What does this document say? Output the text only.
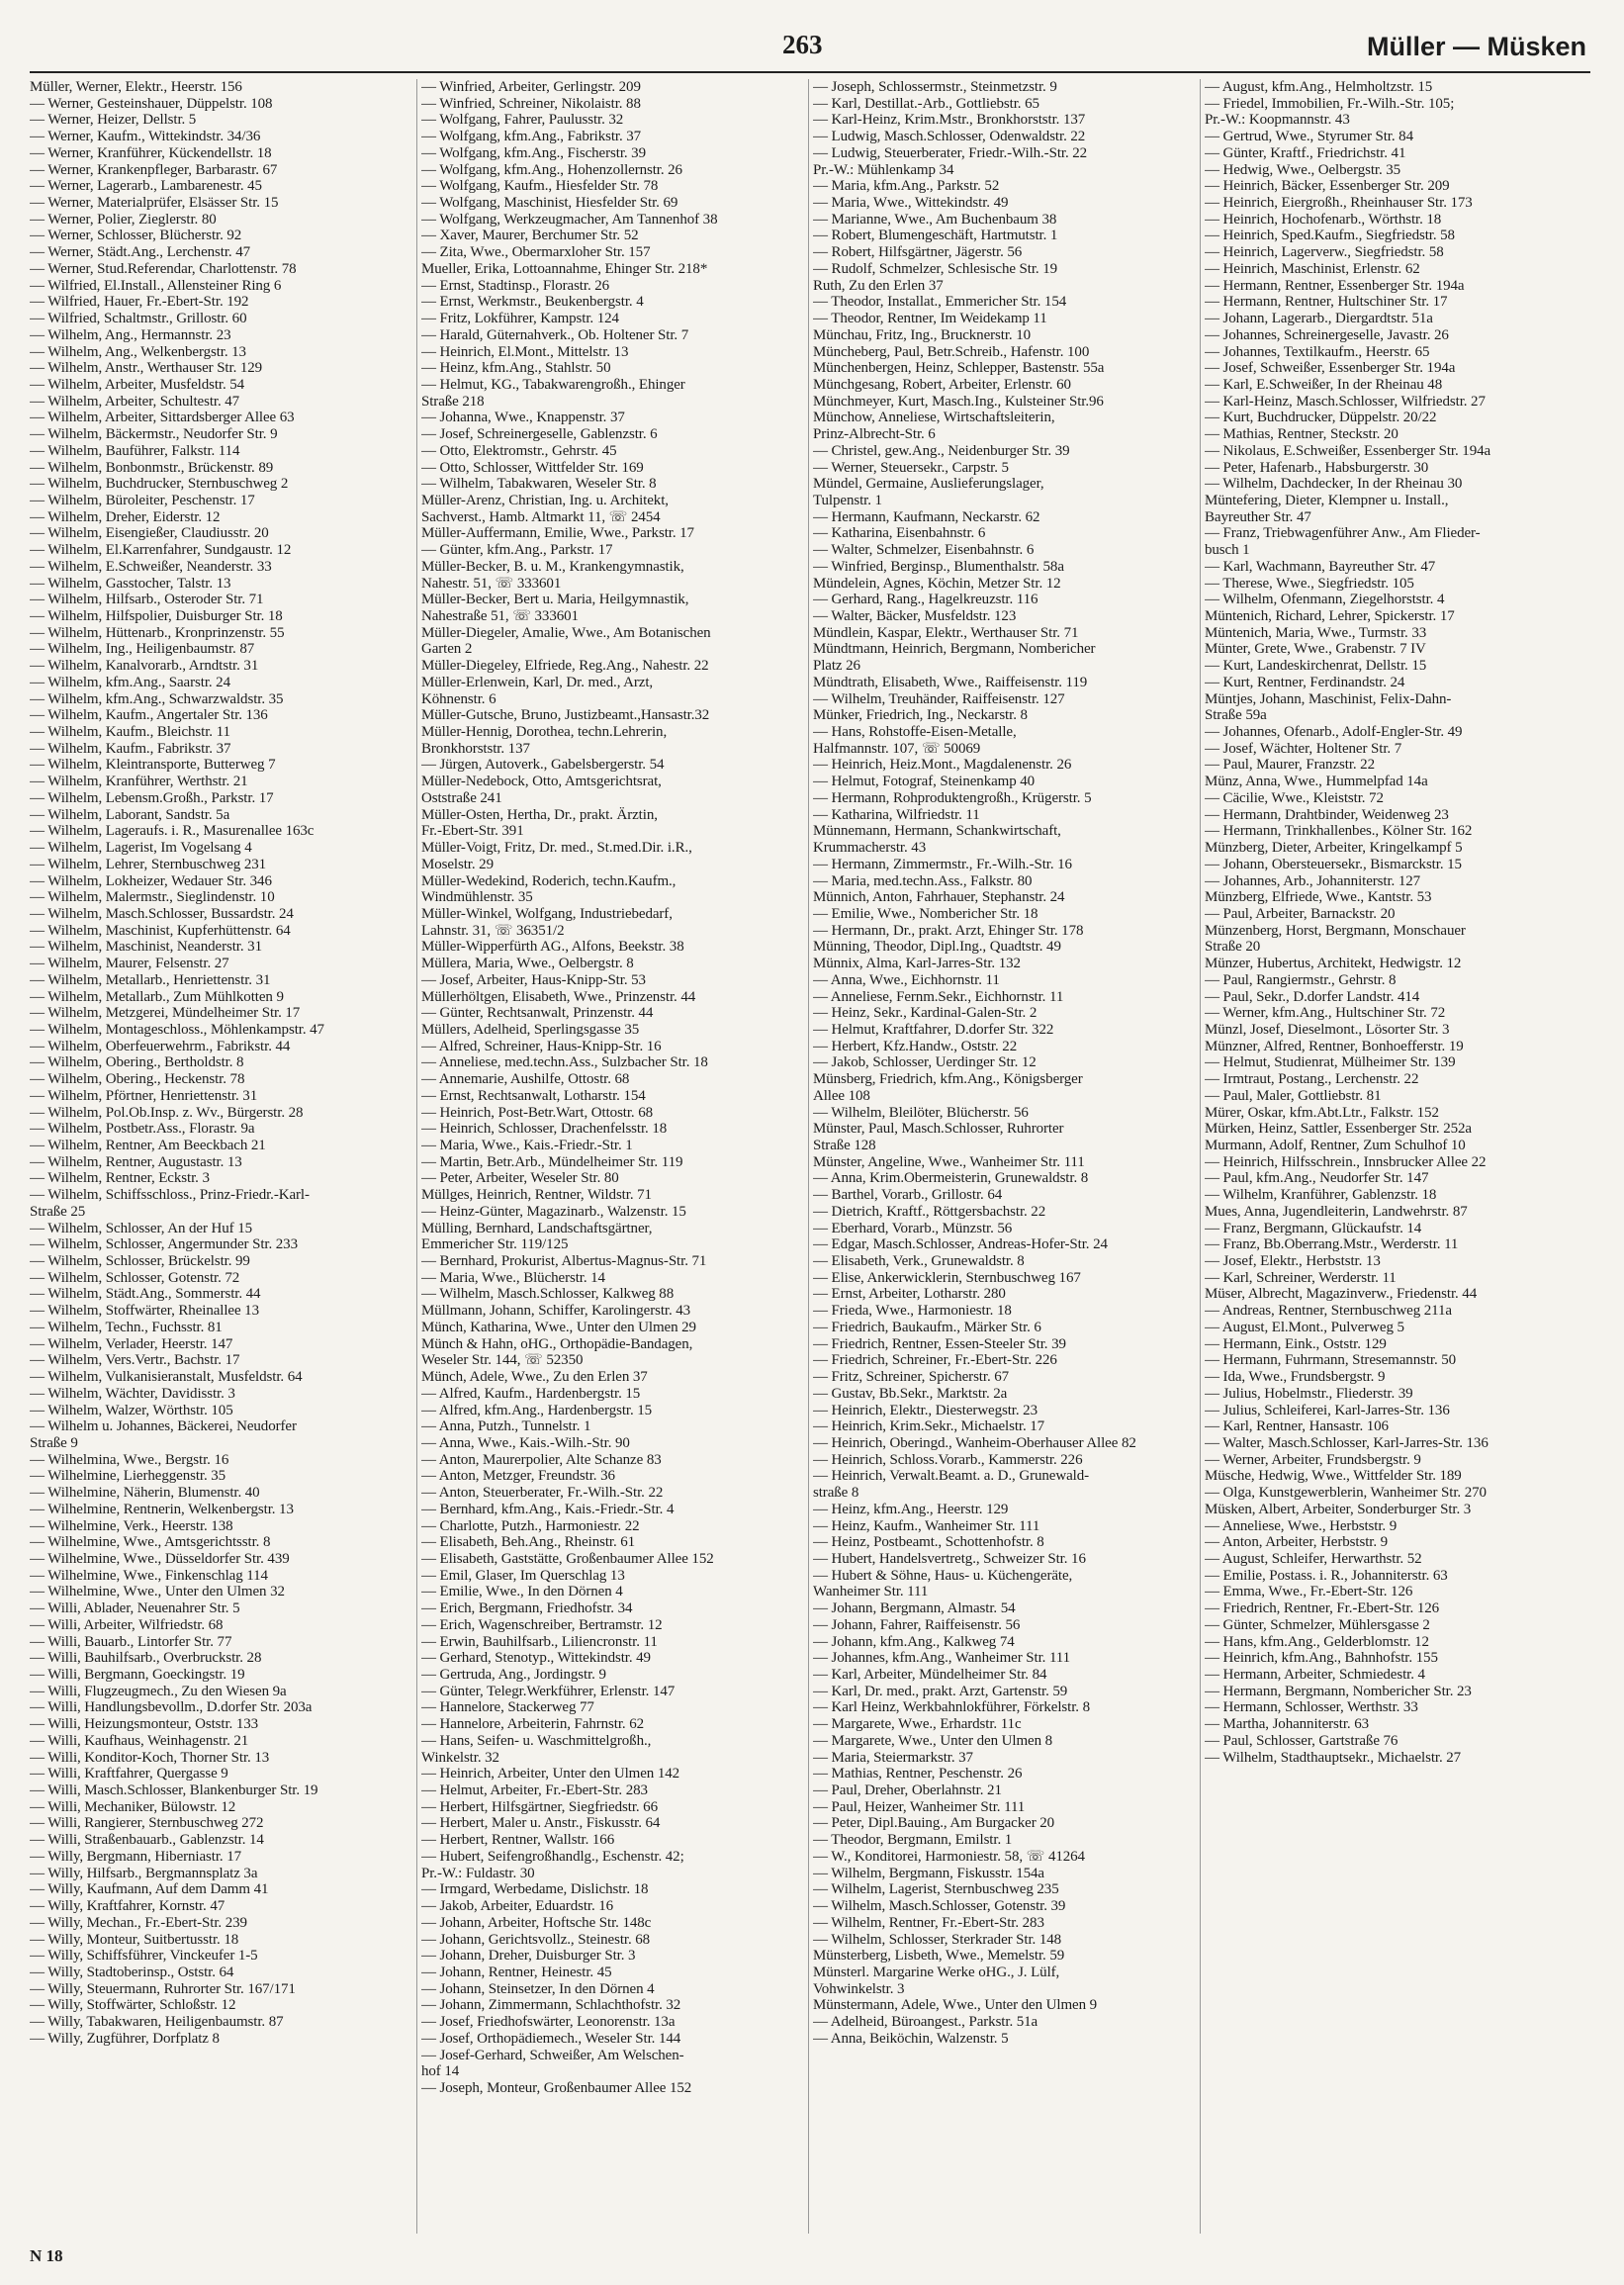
263	Müller — Müsken
Müller, Werner, Elektr., Heerstr. 156
— Werner, Gesteinshauer, Düppelstr. 108
— Werner, Heizer, Dellstr. 5
— Werner, Kaufm., Wittekindstr. 34/36
— Werner, Kranführer, Kückendellstr. 18
— Werner, Krankenpfleger, Barbarastr. 67
— Werner, Lagerarb., Lambarenestr. 45
— Werner, Materialprüfer, Elsässer Str. 15
— Werner, Polier, Zieglerstr. 80
— Werner, Schlosser, Blücherstr. 92
— Werner, Städt.Ang., Lerchenstr. 47
— Werner, Stud.Referendar, Charlottenstr. 78
— Wilfried, El.Install., Allensteiner Ring 6
— Wilfried, Hauer, Fr.-Ebert-Str. 192
— Wilfried, Schaltmstr., Grillostr. 60
— Wilhelm, Ang., Hermannstr. 23
— Wilhelm, Ang., Welkenbergstr. 13
— Wilhelm, Anstr., Werthauser Str. 129
— Wilhelm, Arbeiter, Musfeldstr. 54
— Wilhelm, Arbeiter, Schultestr. 47
— Wilhelm, Arbeiter, Sittardsberger Allee 63
— Wilhelm, Bäckermstr., Neudorfer Str. 9
— Wilhelm, Bauführer, Falkstr. 114
— Wilhelm, Bonbonmstr., Brückenstr. 89
— Wilhelm, Buchdrucker, Sternbuschweg 2
— Wilhelm, Büroleiter, Peschenstr. 17
— Wilhelm, Dreher, Eiderstr. 12
— Wilhelm, Eisengießer, Claudiusstr. 20
— Wilhelm, El.Karrenfahrer, Sundgaustr. 12
— Wilhelm, E.Schweißer, Neanderstr. 33
— Wilhelm, Gasstocher, Talstr. 13
— Wilhelm, Hilfsarb., Osteroder Str. 71
— Wilhelm, Hilfspolier, Duisburger Str. 18
— Wilhelm, Hüttenarb., Kronprinzenstr. 55
— Wilhelm, Ing., Heiligenbaumstr. 87
— Wilhelm, Kanalvorarb., Arndtstr. 31
— Wilhelm, kfm.Ang., Saarstr. 24
— Wilhelm, kfm.Ang., Schwarzwaldstr. 35
— Wilhelm, Kaufm., Angertaler Str. 136
— Wilhelm, Kaufm., Bleichstr. 11
— Wilhelm, Kaufm., Fabrikstr. 37
— Wilhelm, Kleintransporte, Butterweg 7
— Wilhelm, Kranführer, Werthstr. 21
— Wilhelm, Lebensm.Großh., Parkstr. 17
— Wilhelm, Laborant, Sandstr. 5a
— Wilhelm, Lageraufs. i. R., Masurenallee 163c
— Wilhelm, Lagerist, Im Vogelsang 4
— Wilhelm, Lehrer, Sternbuschweg 231
— Wilhelm, Lokheizer, Wedauer Str. 346
— Wilhelm, Malermstr., Sieglindenstr. 10
— Wilhelm, Masch.Schlosser, Bussardstr. 24
— Wilhelm, Maschinist, Kupferhüttenstr. 64
— Wilhelm, Maschinist, Neanderstr. 31
— Wilhelm, Maurer, Felsenstr. 27
— Wilhelm, Metallarb., Henriettenstr. 31
— Wilhelm, Metallarb., Zum Mühlkotten 9
— Wilhelm, Metzgerei, Mündelheimer Str. 17
— Wilhelm, Montageschloss., Möhlenkampstr. 47
— Wilhelm, Oberfeuerwehrm., Fabrikstr. 44
— Wilhelm, Obering., Bertholdstr. 8
— Wilhelm, Obering., Heckenstr. 78
— Wilhelm, Pförtner, Henriettenstr. 31
— Wilhelm, Pol.Ob.Insp. z. Wv., Bürgerstr. 28
— Wilhelm, Postbetr.Ass., Florastr. 9a
— Wilhelm, Rentner, Am Beeckbach 21
— Wilhelm, Rentner, Augustastr. 13
— Wilhelm, Rentner, Eckstr. 3
— Wilhelm, Schiffsschloss., Prinz-Friedr.-Karl-
Straße 25
— Wilhelm, Schlosser, An der Huf 15
— Wilhelm, Schlosser, Angermunder Str. 233
— Wilhelm, Schlosser, Brückelstr. 99
— Wilhelm, Schlosser, Gotenstr. 72
— Wilhelm, Städt.Ang., Sommerstr. 44
— Wilhelm, Stoffwärter, Rheinallee 13
— Wilhelm, Techn., Fuchsstr. 81
— Wilhelm, Verlader, Heerstr. 147
— Wilhelm, Vers.Vertr., Bachstr. 17
— Wilhelm, Vulkanisieranstalt, Musfeldstr. 64
— Wilhelm, Wächter, Davidisstr. 3
— Wilhelm, Walzer, Wörthstr. 105
— Wilhelm u. Johannes, Bäckerei, Neudorfer
Straße 9
— Wilhelmina, Wwe., Bergstr. 16
— Wilhelmine, Lierheggenstr. 35
— Wilhelmine, Näherin, Blumenstr. 40
— Wilhelmine, Rentnerin, Welkenbergstr. 13
— Wilhelmine, Verk., Heerstr. 138
— Wilhelmine, Wwe., Amtsgerichtsstr. 8
— Wilhelmine, Wwe., Düsseldorfer Str. 439
— Wilhelmine, Wwe., Finkenschlag 114
— Wilhelmine, Wwe., Unter den Ulmen 32
— Willi, Ablader, Neuenahrer Str. 5
— Willi, Arbeiter, Wilfriedstr. 68
— Willi, Bauarb., Lintorfer Str. 77
— Willi, Bauhilfsarb., Overbruckstr. 28
— Willi, Bergmann, Goeckingstr. 19
— Willi, Flugzeugmech., Zu den Wiesen 9a
— Willi, Handlungsbevollm., D.dorfer Str. 203a
— Willi, Heizungsmonteur, Oststr. 133
— Willi, Kaufhaus, Weinhagenstr. 21
— Willi, Konditor-Koch, Thorner Str. 13
— Willi, Kraftfahrer, Quergasse 9
— Willi, Masch.Schlosser, Blankenburger Str. 19
— Willi, Mechaniker, Bülowstr. 12
— Willi, Rangierer, Sternbuschweg 272
— Willi, Straßenbauarb., Gablenzstr. 14
— Willy, Bergmann, Hiberniastr. 17
— Willy, Hilfsarb., Bergmannsplatz 3a
— Willy, Kaufmann, Auf dem Damm 41
— Willy, Kraftfahrer, Kornstr. 47
— Willy, Mechan., Fr.-Ebert-Str. 239
— Willy, Monteur, Suitbertusstr. 18
— Willy, Schiffsführer, Vinckeufer 1-5
— Willy, Stadtoberinsp., Oststr. 64
— Willy, Steuermann, Ruhrorter Str. 167/171
— Willy, Stoffwärter, Schloßstr. 12
— Willy, Tabakwaren, Heiligenbaumstr. 87
— Willy, Zugführer, Dorfplatz 8
— Winfried, Arbeiter, Gerlingstr. 209
— Winfried, Schreiner, Nikolaistr. 88
— Wolfgang, Fahrer, Paulusstr. 32
— Wolfgang, kfm.Ang., Fabrikstr. 37
— Wolfgang, kfm.Ang., Fischerstr. 39
— Wolfgang, kfm.Ang., Hohenzollernstr. 26
— Wolfgang, Kaufm., Hiesfelder Str. 78
— Wolfgang, Maschinist, Hiesfelder Str. 69
— Wolfgang, Werkzeugmacher, Am Tannenhof 38
— Xaver, Maurer, Berchumer Str. 52
— Zita, Wwe., Obermarxloher Str. 157
Mueller, Erika, Lottoannahme, Ehinger Str. 218*
— Ernst, Stadtinsp., Florastr. 26
— Ernst, Werkmstr., Beukenbergstr. 4
— Fritz, Lokführer, Kampstr. 124
— Harald, Güternahverk., Ob. Holtener Str. 7
— Heinrich, El.Mont., Mittelstr. 13
— Heinz, kfm.Ang., Stahlstr. 50
— Helmut, KG., Tabakwarengroßh., Ehinger
Straße 218
— Johanna, Wwe., Knappenstr. 37
— Josef, Schreinergeselle, Gablenzstr. 6
— Otto, Elektromstr., Gehrstr. 45
— Otto, Schlosser, Wittfelder Str. 169
— Wilhelm, Tabakwaren, Weseler Str. 8
Müller-Arenz, Christian, Ing. u. Architekt,
Sachverst., Hamb. Altmarkt 11, ☏ 2454
Müller-Auffermann, Emilie, Wwe., Parkstr. 17
— Günter, kfm.Ang., Parkstr. 17
Müller-Becker, B. u. M., Krankengymnastik,
Nahestr. 51, ☏ 333601
Müller-Becker, Bert u. Maria, Heilgymnastik,
Nahestraße 51, ☏ 333601
Müller-Diegeler, Amalie, Wwe., Am Botanischen
Garten 2
Müller-Diegeley, Elfriede, Reg.Ang., Nahestr. 22
Müller-Erlenwein, Karl, Dr. med., Arzt,
Köhnenstr. 6
Müller-Gutsche, Bruno, Justizbeamt.,Hansastr.32
Müller-Hennig, Dorothea, techn.Lehrerin,
Bronkhorststr. 137
— Jürgen, Autoverk., Gabelsbergerstr. 54
Müller-Nedebock, Otto, Amtsgerichtsrat,
Oststraße 241
Müller-Osten, Hertha, Dr., prakt. Ärztin,
Fr.-Ebert-Str. 391
Müller-Voigt, Fritz, Dr. med., St.med.Dir. i.R.,
Moselstr. 29
Müller-Wedekind, Roderich, techn.Kaufm.,
Windmühlenstr. 35
Müller-Winkel, Wolfgang, Industriebedarf,
Lahnstr. 31, ☏ 36351/2
Müller-Wipperfürth AG., Alfons, Beekstr. 38
Müllera, Maria, Wwe., Oelbergstr. 8
— Josef, Arbeiter, Haus-Knipp-Str. 53
Müllerhöltgen, Elisabeth, Wwe., Prinzenstr. 44
— Günter, Rechtsanwalt, Prinzenstr. 44
Müllers, Adelheid, Sperlingsgasse 35
— Alfred, Schreiner, Haus-Knipp-Str. 16
— Anneliese, med.techn.Ass., Sulzbacher Str. 18
— Annemarie, Aushilfe, Ottostr. 68
— Ernst, Rechtsanwalt, Lotharstr. 154
— Heinrich, Post-Betr.Wart, Ottostr. 68
— Heinrich, Schlosser, Drachenfelsstr. 18
— Maria, Wwe., Kais.-Friedr.-Str. 1
— Martin, Betr.Arb., Mündelheimer Str. 119
— Peter, Arbeiter, Weseler Str. 80
Müllges, Heinrich, Rentner, Wildstr. 71
— Heinz-Günter, Magazinarb., Walzenstr. 15
Mülling, Bernhard, Landschaftsgärtner,
Emmericher Str. 119/125
— Bernhard, Prokurist, Albertus-Magnus-Str. 71
— Maria, Wwe., Blücherstr. 14
— Wilhelm, Masch.Schlosser, Kalkweg 88
Müllmann, Johann, Schiffer, Karolingerstr. 43
Münch, Katharina, Wwe., Unter den Ulmen 29
Münch & Hahn, oHG., Orthopädie-Bandagen,
Weseler Str. 144, ☏ 52350
Münch, Adele, Wwe., Zu den Erlen 37
— Alfred, Kaufm., Hardenbergstr. 15
— Alfred, kfm.Ang., Hardenbergstr. 15
— Anna, Putzh., Tunnelstr. 1
— Anna, Wwe., Kais.-Wilh.-Str. 90
— Anton, Maurerpolier, Alte Schanze 83
— Anton, Metzger, Freundstr. 36
— Anton, Steuerberater, Fr.-Wilh.-Str. 22
— Bernhard, kfm.Ang., Kais.-Friedr.-Str. 4
— Charlotte, Putzh., Harmoniestr. 22
— Elisabeth, Beh.Ang., Rheinstr. 61
— Elisabeth, Gaststätte, Großenbaumer Allee 152
— Emil, Glaser, Im Querschlag 13
— Emilie, Wwe., In den Dörnen 4
— Erich, Bergmann, Friedhofstr. 34
— Erich, Wagenschreiber, Bertramstr. 12
— Erwin, Bauhilfsarb., Liliencronstr. 11
— Gerhard, Stenotyp., Wittekindstr. 49
— Gertruda, Ang., Jordingstr. 9
— Günter, Telegr.Werkführer, Erlenstr. 147
— Hannelore, Stackerweg 77
— Hannelore, Arbeiterin, Fahrnstr. 62
— Hans, Seifen- u. Waschmittelgroßh.,
Winkelstr. 32
— Heinrich, Arbeiter, Unter den Ulmen 142
— Helmut, Arbeiter, Fr.-Ebert-Str. 283
— Herbert, Hilfsgärtner, Siegfriedstr. 66
— Herbert, Maler u. Anstr., Fiskusstr. 64
— Herbert, Rentner, Wallstr. 166
— Hubert, Seifengroßhandlg., Eschenstr. 42;
Pr.-W.: Fuldastr. 30
— Irmgard, Werbedame, Dislichstr. 18
— Jakob, Arbeiter, Eduardstr. 16
— Johann, Arbeiter, Hoftsche Str. 148c
— Johann, Gerichtsvollz., Steinestr. 68
— Johann, Dreher, Duisburger Str. 3
— Johann, Rentner, Heinestr. 45
— Johann, Steinsetzer, In den Dörnen 4
— Johann, Zimmermann, Schlachthofstr. 32
— Josef, Friedhofswärter, Leonorenstr. 13a
— Josef, Orthopädiemech., Weseler Str. 144
— Josef-Gerhard, Schweißer, Am Welschen-
hof 14
— Joseph, Monteur, Großenbaumer Allee 152
— Joseph, Schlossermstr., Steinmetzstr. 9
— Karl, Destillat.-Arb., Gottliebstr. 65
— Karl-Heinz, Krim.Mstr., Bronkhorststr. 137
— Ludwig, Masch.Schlosser, Odenwaldstr. 22
— Ludwig, Steuerberater, Friedr.-Wilh.-Str. 22
Pr.-W.: Mühlenkamp 34
— Maria, kfm.Ang., Parkstr. 52
— Maria, Wwe., Wittekindstr. 49
— Marianne, Wwe., Am Buchenbaum 38
— Robert, Blumengeschäft, Hartmutstr. 1
— Robert, Hilfsgärtner, Jägerstr. 56
— Rudolf, Schmelzer, Schlesische Str. 19
Ruth, Zu den Erlen 37
— Theodor, Installat., Emmericher Str. 154
— Theodor, Rentner, Im Weidekamp 11
Münchau, Fritz, Ing., Brucknerstr. 10
Müncheberg, Paul, Betr.Schreib., Hafenstr. 100
Münchenbergen, Heinz, Schlepper, Bastenstr. 55a
Münchgesang, Robert, Arbeiter, Erlenstr. 60
Münchmeyer, Kurt, Masch.Ing., Kulsteiner Str.96
Münchow, Anneliese, Wirtschaftsleiterin,
Prinz-Albrecht-Str. 6
— Christel, gew.Ang., Neidenburger Str. 39
— Werner, Steuersekr., Carpstr. 5
Mündel, Germaine, Auslieferungslager,
Tulpenstr. 1
— Hermann, Kaufmann, Neckarstr. 62
— Katharina, Eisenbahnstr. 6
— Walter, Schmelzer, Eisenbahnstr. 6
— Winfried, Berginsp., Blumenthalstr. 58a
Mündelein, Agnes, Köchin, Metzer Str. 12
— Gerhard, Rang., Hagelkreuzstr. 116
— Walter, Bäcker, Musfeldstr. 123
Mündlein, Kaspar, Elektr., Werthauser Str. 71
Mündtmann, Heinrich, Bergmann, Nombericher
Platz 26
Mündtrath, Elisabeth, Wwe., Raiffeisenstr. 119
— Wilhelm, Treuhänder, Raiffeisenstr. 127
Münker, Friedrich, Ing., Neckarstr. 8
— Hans, Rohstoffe-Eisen-Metalle,
Halfmannstr. 107, ☏ 50069
— Heinrich, Heiz.Mont., Magdalenenstr. 26
— Helmut, Fotograf, Steinenkamp 40
— Hermann, Rohproduktengroßh., Krügerstr. 5
— Katharina, Wilfriedstr. 11
Münnemann, Hermann, Schankwirtschaft,
Krummacherstr. 43
— Hermann, Zimmermstr., Fr.-Wilh.-Str. 16
— Maria, med.techn.Ass., Falkstr. 80
Münnich, Anton, Fahrhauer, Stephanstr. 24
— Emilie, Wwe., Nombericher Str. 18
— Hermann, Dr., prakt. Arzt, Ehinger Str. 178
Münning, Theodor, Dipl.Ing., Quadtstr. 49
Münnix, Alma, Karl-Jarres-Str. 132
— Anna, Wwe., Eichhornstr. 11
— Anneliese, Fernm.Sekr., Eichhornstr. 11
— Heinz, Sekr., Kardinal-Galen-Str. 2
— Helmut, Kraftfahrer, D.dorfer Str. 322
— Herbert, Kfz.Handw., Oststr. 22
— Jakob, Schlosser, Uerdinger Str. 12
Münsberg, Friedrich, kfm.Ang., Königsberger
Allee 108
— Wilhelm, Bleilöter, Blücherstr. 56
Münster, Paul, Masch.Schlosser, Ruhrorter
Straße 128
Münster, Angeline, Wwe., Wanheimer Str. 111
— Anna, Krim.Obermeisterin, Grunewaldstr. 8
— Barthel, Vorarb., Grillostr. 64
— Dietrich, Kraftf., Röttgersbachstr. 22
— Eberhard, Vorarb., Münzstr. 56
— Edgar, Masch.Schlosser, Andreas-Hofer-Str. 24
— Elisabeth, Verk., Grunewaldstr. 8
— Elise, Ankerwicklerin, Sternbuschweg 167
— Ernst, Arbeiter, Lotharstr. 280
— Frieda, Wwe., Harmoniestr. 18
— Friedrich, Baukaufm., Märker Str. 6
— Friedrich, Rentner, Essen-Steeler Str. 39
— Friedrich, Schreiner, Fr.-Ebert-Str. 226
— Fritz, Schreiner, Spicherstr. 67
— Gustav, Bb.Sekr., Marktstr. 2a
— Heinrich, Elektr., Diesterwegstr. 23
— Heinrich, Krim.Sekr., Michaelstr. 17
— Heinrich, Oberingd., Wanheim-Oberhauser Allee 82
— Heinrich, Schloss.Vorarb., Kammerstr. 226
— Heinrich, Verwalt.Beamt. a. D., Grunewald-
straße 8
— Heinz, kfm.Ang., Heerstr. 129
— Heinz, Kaufm., Wanheimer Str. 111
— Heinz, Postbeamt., Schottenhofstr. 8
— Hubert, Handelsvertretg., Schweizer Str. 16
— Hubert & Söhne, Haus- u. Küchengeräte,
Wanheimer Str. 111
— Johann, Bergmann, Almastr. 54
— Johann, Fahrer, Raiffeisenstr. 56
— Johann, kfm.Ang., Kalkweg 74
— Johannes, kfm.Ang., Wanheimer Str. 111
— Karl, Arbeiter, Mündelheimer Str. 84
— Karl, Dr. med., prakt. Arzt, Gartenstr. 59
— Karl Heinz, Werkbahnlokführer, Förkelstr. 8
— Margarete, Wwe., Erhardstr. 11c
— Margarete, Wwe., Unter den Ulmen 8
— Maria, Steiermarkstr. 37
— Mathias, Rentner, Peschenstr. 26
— Paul, Dreher, Oberlahnstr. 21
— Paul, Heizer, Wanheimer Str. 111
— Peter, Dipl.Bauing., Am Burgacker 20
— Theodor, Bergmann, Emilstr. 1
— W., Konditorei, Harmoniestr. 58, ☏ 41264
— Wilhelm, Bergmann, Fiskusstr. 154a
— Wilhelm, Lagerist, Sternbuschweg 235
— Wilhelm, Masch.Schlosser, Gotenstr. 39
— Wilhelm, Rentner, Fr.-Ebert-Str. 283
— Wilhelm, Schlosser, Sterkrader Str. 148
Münsterberg, Lisbeth, Wwe., Memelstr. 59
Münsterl. Margarine Werke oHG., J. Lülf,
Vohwinkelstr. 3
Münstermann, Adele, Wwe., Unter den Ulmen 9
— Adelheid, Büroangest., Parkstr. 51a
— Anna, Beiköchin, Walzenstr. 5
— August, kfm.Ang., Helmholtzstr. 15
— Friedel, Immobilien, Fr.-Wilh.-Str. 105;
Pr.-W.: Koopmannstr. 43
— Gertrud, Wwe., Styrumer Str. 84
— Günter, Kraftf., Friedrichstr. 41
— Hedwig, Wwe., Oelbergstr. 35
— Heinrich, Bäcker, Essenberger Str. 209
— Heinrich, Eiergroßh., Rheinhauser Str. 173
— Heinrich, Hochofenarb., Wörthstr. 18
— Heinrich, Sped.Kaufm., Siegfriedstr. 58
— Heinrich, Lagerverw., Siegfriedstr. 58
— Heinrich, Maschinist, Erlenstr. 62
— Hermann, Rentner, Essenberger Str. 194a
— Hermann, Rentner, Hultschiner Str. 17
— Johann, Lagerarb., Diergardtstr. 51a
— Johannes, Schreinergeselle, Javastr. 26
— Johannes, Textilkaufm., Heerstr. 65
— Josef, Schweißer, Essenberger Str. 194a
— Karl, E.Schweißer, In der Rheinau 48
— Karl-Heinz, Masch.Schlosser, Wilfriedstr. 27
— Kurt, Buchdrucker, Düppelstr. 20/22
— Mathias, Rentner, Steckstr. 20
— Nikolaus, E.Schweißer, Essenberger Str. 194a
— Peter, Hafenarb., Habsburgerstr. 30
— Wilhelm, Dachdecker, In der Rheinau 30
Müntefering, Dieter, Klempner u. Install.,
Bayreuther Str. 47
— Franz, Triebwagenführer Anw., Am Flieder-
busch 1
— Karl, Wachmann, Bayreuther Str. 47
— Therese, Wwe., Siegfriedstr. 105
— Wilhelm, Ofenmann, Ziegelhorststr. 4
Müntenich, Richard, Lehrer, Spickerstr. 17
Müntenich, Maria, Wwe., Turmstr. 33
Münter, Grete, Wwe., Grabenstr. 7 IV
— Kurt, Landeskirchenrat, Dellstr. 15
— Kurt, Rentner, Ferdinandstr. 24
Müntjes, Johann, Maschinist, Felix-Dahn-
Straße 59a
— Johannes, Ofenarb., Adolf-Engler-Str. 49
— Josef, Wächter, Holtener Str. 7
— Paul, Maurer, Franzstr. 22
Münz, Anna, Wwe., Hummelpfad 14a
— Cäcilie, Wwe., Kleiststr. 72
— Hermann, Drahtbinder, Weidenweg 23
— Hermann, Trinkhallenbes., Kölner Str. 162
Münzberg, Dieter, Arbeiter, Kringelkampf 5
— Johann, Obersteuersekr., Bismarckstr. 15
— Johannes, Arb., Johanniterstr. 127
Münzberg, Elfriede, Wwe., Kantstr. 53
— Paul, Arbeiter, Barnackstr. 20
Münzenberg, Horst, Bergmann, Monschauer
Straße 20
Münzer, Hubertus, Architekt, Hedwigstr. 12
— Paul, Rangiermstr., Gehrstr. 8
— Paul, Sekr., D.dorfer Landstr. 414
— Werner, kfm.Ang., Hultschiner Str. 72
Münzl, Josef, Dieselmont., Lösorter Str. 3
Münzner, Alfred, Rentner, Bonhoefferstr. 19
— Helmut, Studienrat, Mülheimer Str. 139
— Irmtraut, Postang., Lerchenstr. 22
— Paul, Maler, Gottliebstr. 81
Mürer, Oskar, kfm.Abt.Ltr., Falkstr. 152
Mürken, Heinz, Sattler, Essenberger Str. 252a
Murmann, Adolf, Rentner, Zum Schulhof 10
— Heinrich, Hilfsschrein., Innsbrucker Allee 22
— Paul, kfm.Ang., Neudorfer Str. 147
— Wilhelm, Kranführer, Gablenzstr. 18
Mues, Anna, Jugendleiterin, Landwehrstr. 87
— Franz, Bergmann, Glückaufstr. 14
— Franz, Bb.Oberrang.Mstr., Werderstr. 11
— Josef, Elektr., Herbststr. 13
— Karl, Schreiner, Werderstr. 11
Müser, Albrecht, Magazinverw., Friedenstr. 44
— Andreas, Rentner, Sternbuschweg 211a
— August, El.Mont., Pulverweg 5
— Hermann, Eink., Oststr. 129
— Hermann, Fuhrmann, Stresemannstr. 50
— Ida, Wwe., Frundsbergstr. 9
— Julius, Hobelmstr., Fliederstr. 39
— Julius, Schleiferei, Karl-Jarres-Str. 136
— Karl, Rentner, Hansastr. 106
— Walter, Masch.Schlosser, Karl-Jarres-Str. 136
— Werner, Arbeiter, Frundsbergstr. 9
Müsche, Hedwig, Wwe., Wittfelder Str. 189
— Olga, Kunstgewerblerin, Wanheimer Str. 270
Müsken, Albert, Arbeiter, Sonderburger Str. 3
— Anneliese, Wwe., Herbststr. 9
— Anton, Arbeiter, Herbststr. 9
— August, Schleifer, Herwarthstr. 52
— Emilie, Postass. i. R., Johanniterstr. 63
— Emma, Wwe., Fr.-Ebert-Str. 126
— Friedrich, Rentner, Fr.-Ebert-Str. 126
— Günter, Schmelzer, Mühlersgasse 2
— Hans, kfm.Ang., Gelderblomstr. 12
— Heinrich, kfm.Ang., Bahnhofstr. 155
— Hermann, Arbeiter, Schmiedestr. 4
— Hermann, Bergmann, Nombericher Str. 23
— Hermann, Schlosser, Werthstr. 33
— Martha, Johanniterstr. 63
— Paul, Schlosser, Gartstraße 76
— Wilhelm, Stadthauptsekr., Michaelstr. 27
N 18
